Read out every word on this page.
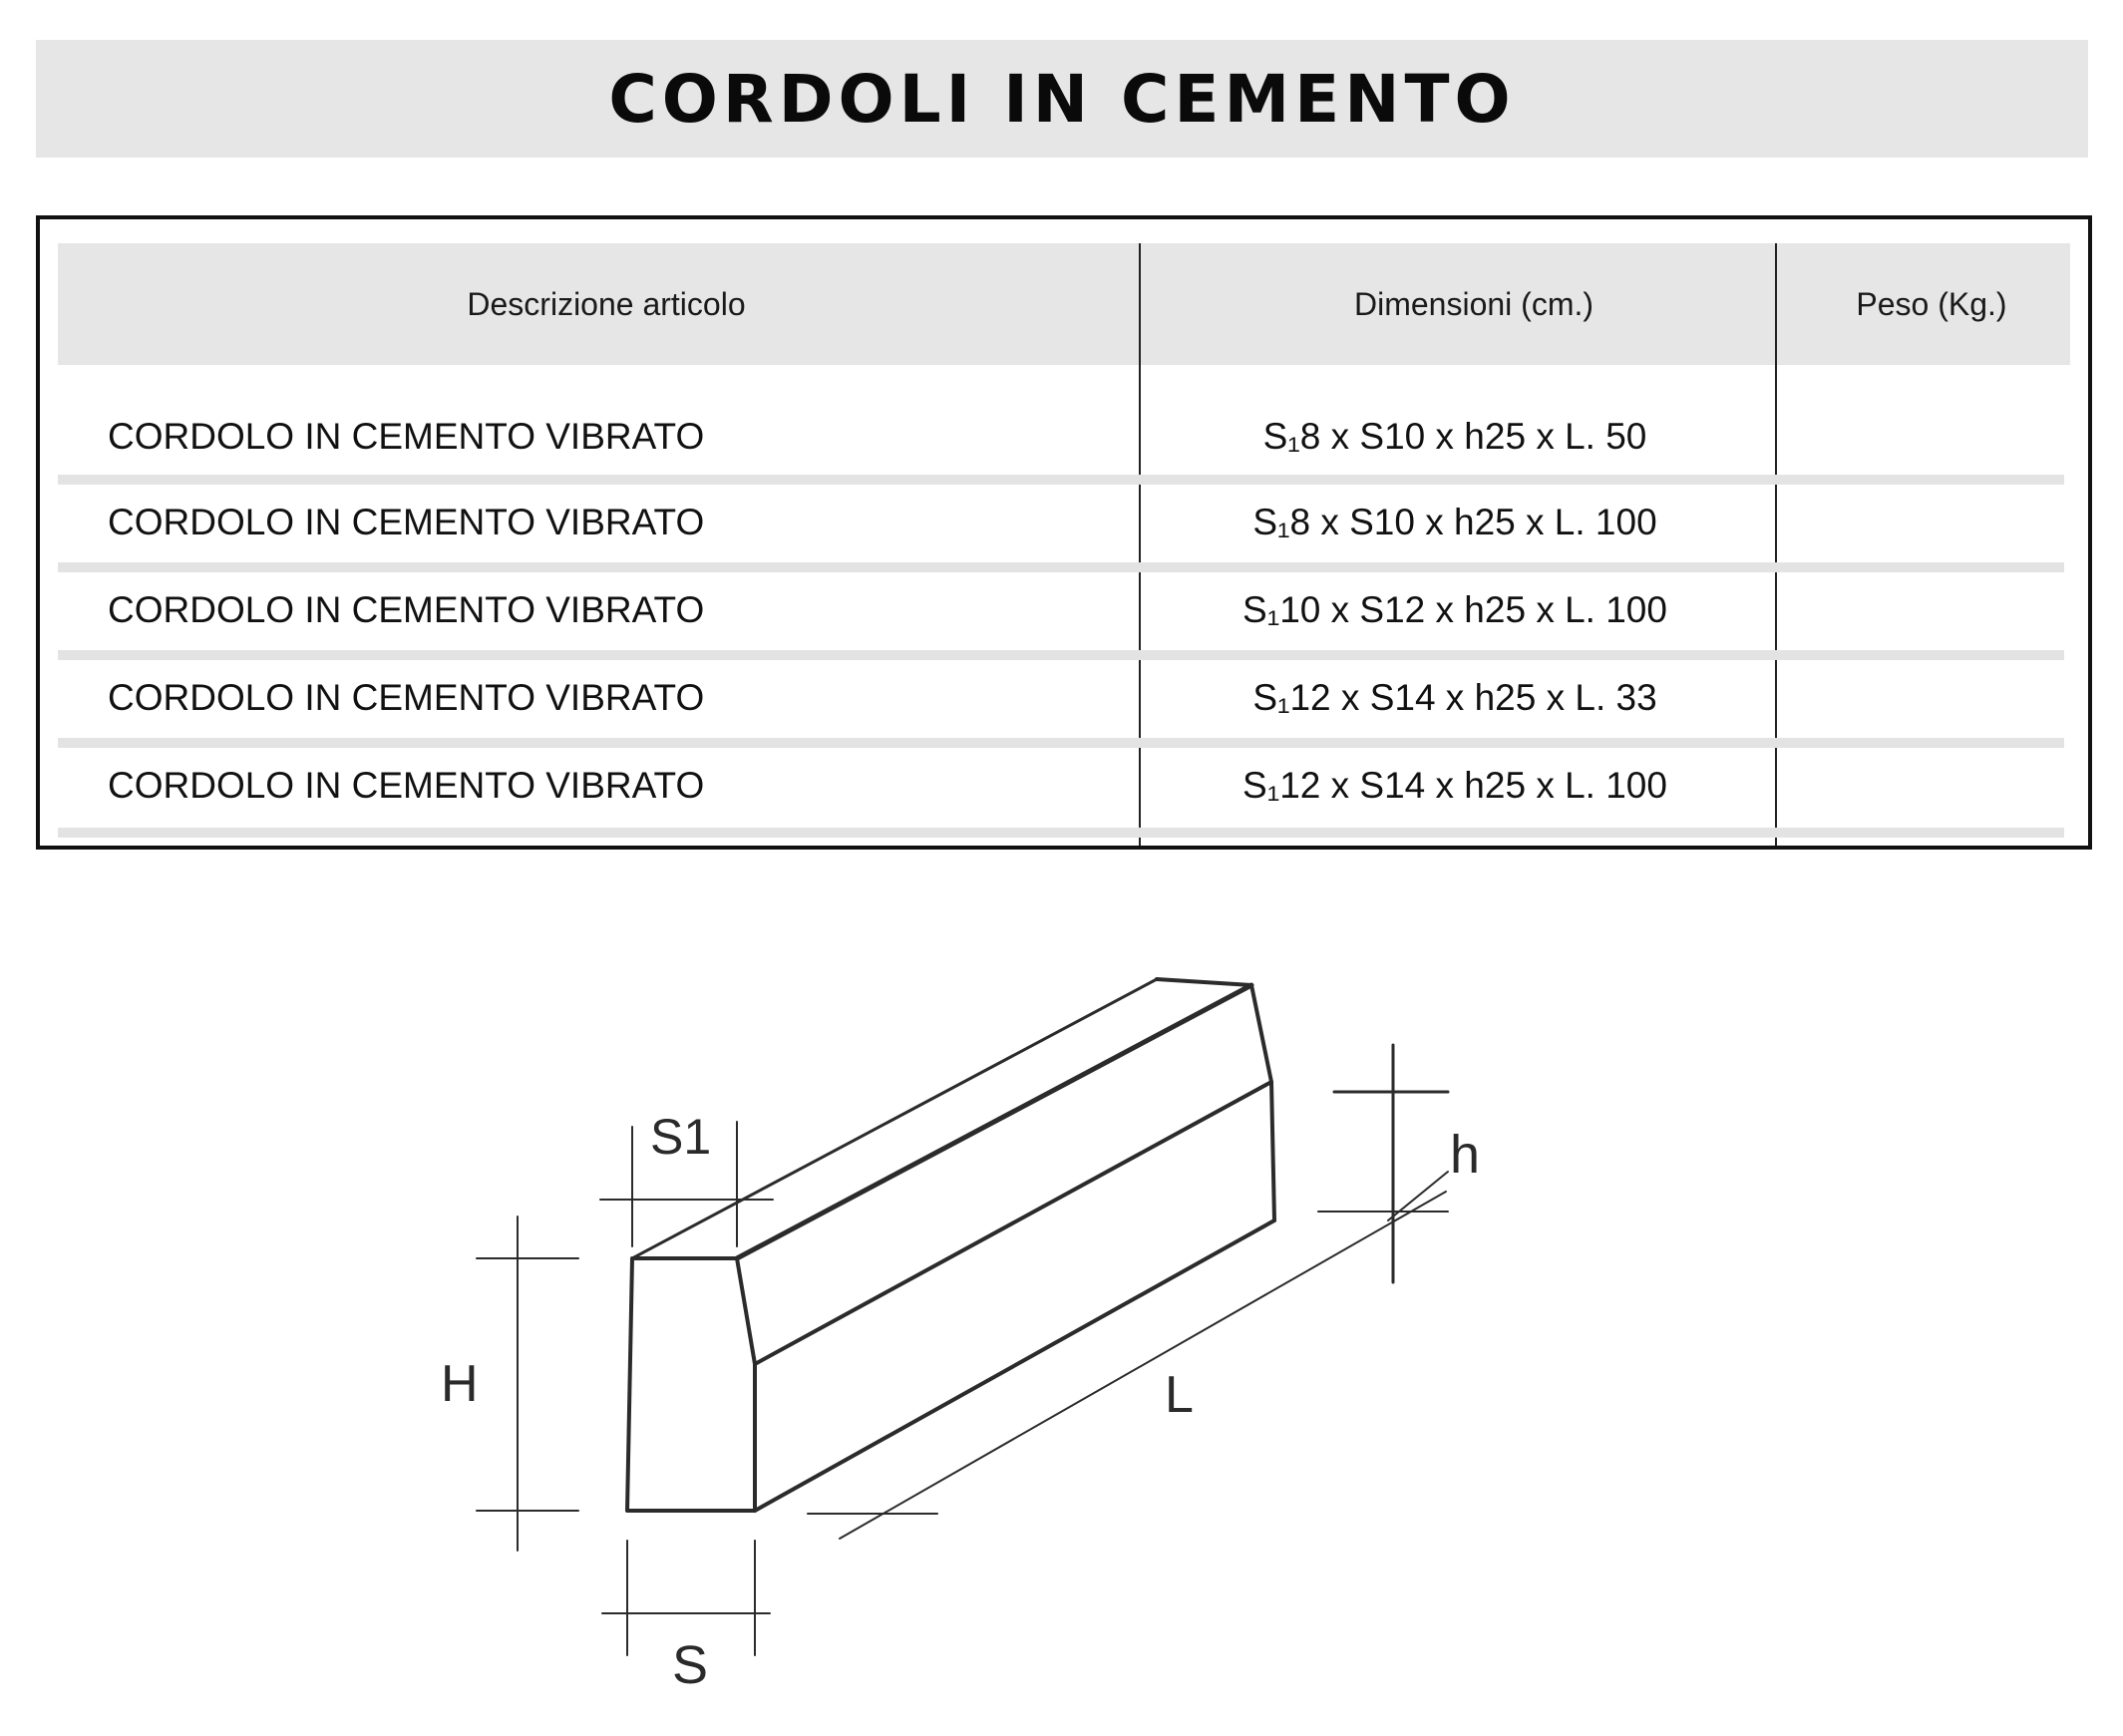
CORDOLI IN CEMENTO
Descrizione articolo	Dimensioni (cm.)	Peso (Kg.)
CORDOLO IN CEMENTO VIBRATO	S₁8 x S10 x h25 x L. 50
CORDOLO IN CEMENTO VIBRATO	S₁8 x S10 x h25 x L. 100
CORDOLO IN CEMENTO VIBRATO	S₁10 x S12 x h25 x L. 100
CORDOLO IN CEMENTO VIBRATO	S₁12 x S14 x h25 x L. 33
CORDOLO IN CEMENTO VIBRATO	S₁12 x S14 x h25 x L. 100
S1	h
H	L
S
